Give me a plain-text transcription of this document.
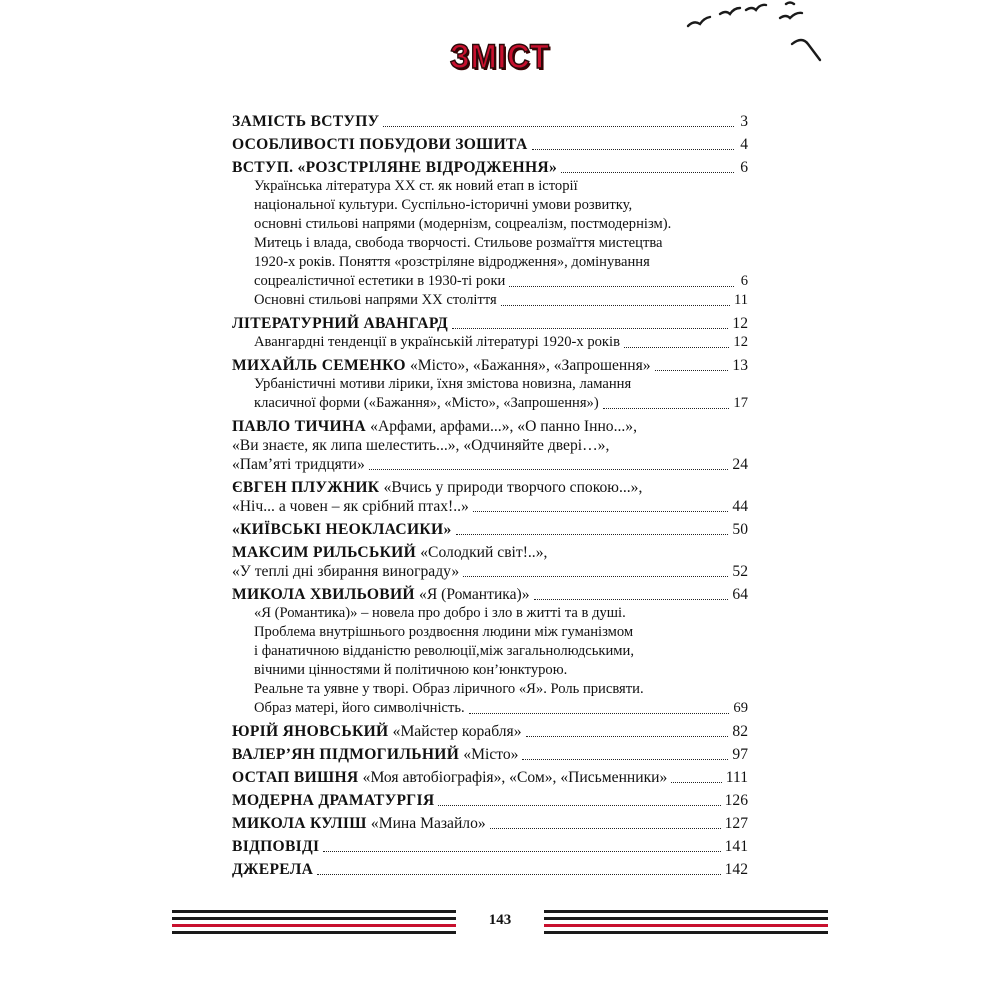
ЗМІСТ
ЗАМІСТЬ ВСТУПУ	3
ОСОБЛИВОСТІ ПОБУДОВИ ЗОШИТА	4
ВСТУП. «РОЗСТРІЛЯНЕ ВІДРОДЖЕННЯ»	6
Українська література ХХ ст. як новий етап в історії
національної культури. Суспільно-історичні умови розвитку,
основні стильові напрями (модернізм, соцреалізм, постмодернізм).
Митець і влада, свобода творчості. Стильове розмаїття мистецтва
1920-х років. Поняття «розстріляне відродження», домінування
соцреалістичної естетики в 1930-ті роки	6
Основні стильові напрями ХХ століття	11
ЛІТЕРАТУРНИЙ АВАНГАРД	12
Авангардні тенденції в українській літературі 1920-х років	12
МИХАЙЛЬ СЕМЕНКО «Місто», «Бажання», «Запрошення»	13
Урбаністичні мотиви лірики, їхня змістова новизна, ламання
класичної форми («Бажання», «Місто», «Запрошення»)	17
ПАВЛО ТИЧИНА «Арфами, арфами...», «О панно Інно...»,
«Ви знаєте, як липа шелестить...», «Одчиняйте двері…»,
«Пам’яті тридцяти»	24
ЄВГЕН ПЛУЖНИК «Вчись у природи творчого спокою...»,
«Ніч... а човен – як срібний птах!..»	44
«КИЇВСЬКІ НЕОКЛАСИКИ»	50
МАКСИМ РИЛЬСЬКИЙ «Солодкий світ!..»,
«У теплі дні збирання винограду»	52
МИКОЛА ХВИЛЬОВИЙ «Я (Романтика)»	64
«Я (Романтика)» – новела про добро і зло в житті та в душі.
Проблема внутрішнього роздвоєння людини між гуманізмом
і фанатичною відданістю революції,між загальнолюдськими,
вічними цінностями й політичною кон’юнктурою.
Реальне та уявне у творі. Образ ліричного «Я». Роль присвяти.
Образ матері, його символічність.	69
ЮРІЙ ЯНОВСЬКИЙ «Майстер корабля»	82
ВАЛЕР’ЯН ПІДМОГИЛЬНИЙ «Місто»	97
ОСТАП ВИШНЯ «Моя автобіографія», «Сом», «Письменники»	111
МОДЕРНА ДРАМАТУРГІЯ	126
МИКОЛА КУЛІШ «Мина Мазайло»	127
ВІДПОВІДІ	141
ДЖЕРЕЛА	142
143
